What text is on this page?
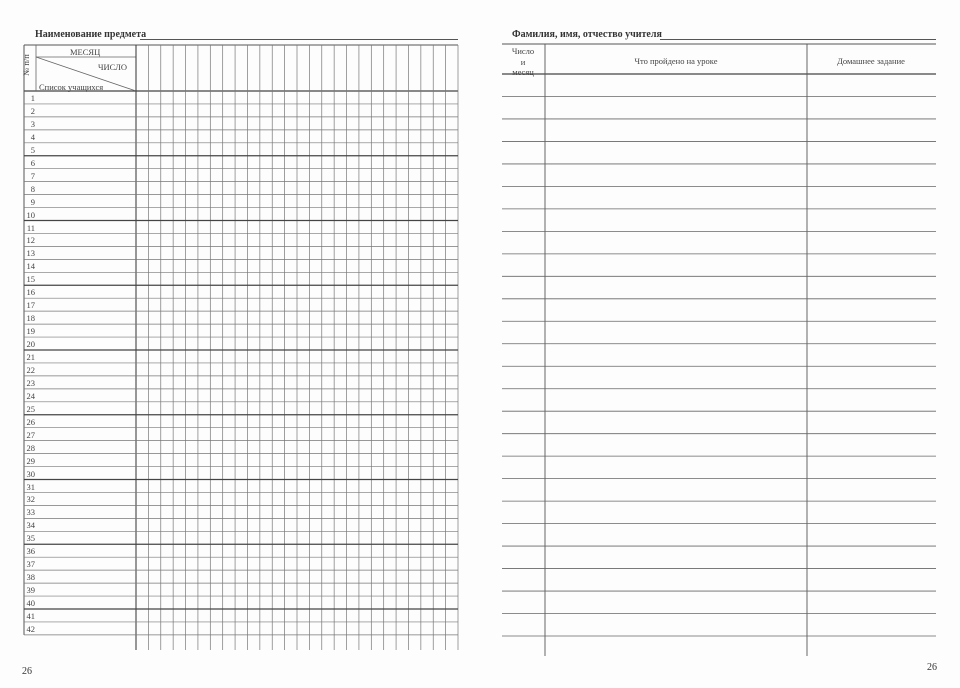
Наименование предмета
МЕСЯЦ
ЧИСЛО
Список учащихся
№ п/п
1
2
3
4
5
6
7
8
9
10
11
12
13
14
15
16
17
18
19
20
21
22
23
24
25
26
27
28
29
30
31
32
33
34
35
36
37
38
39
40
41
42
26
Фамилия, имя, отчество учителя
Число
и
месяц
Что пройдено на уроке	Домашнее задание
26
